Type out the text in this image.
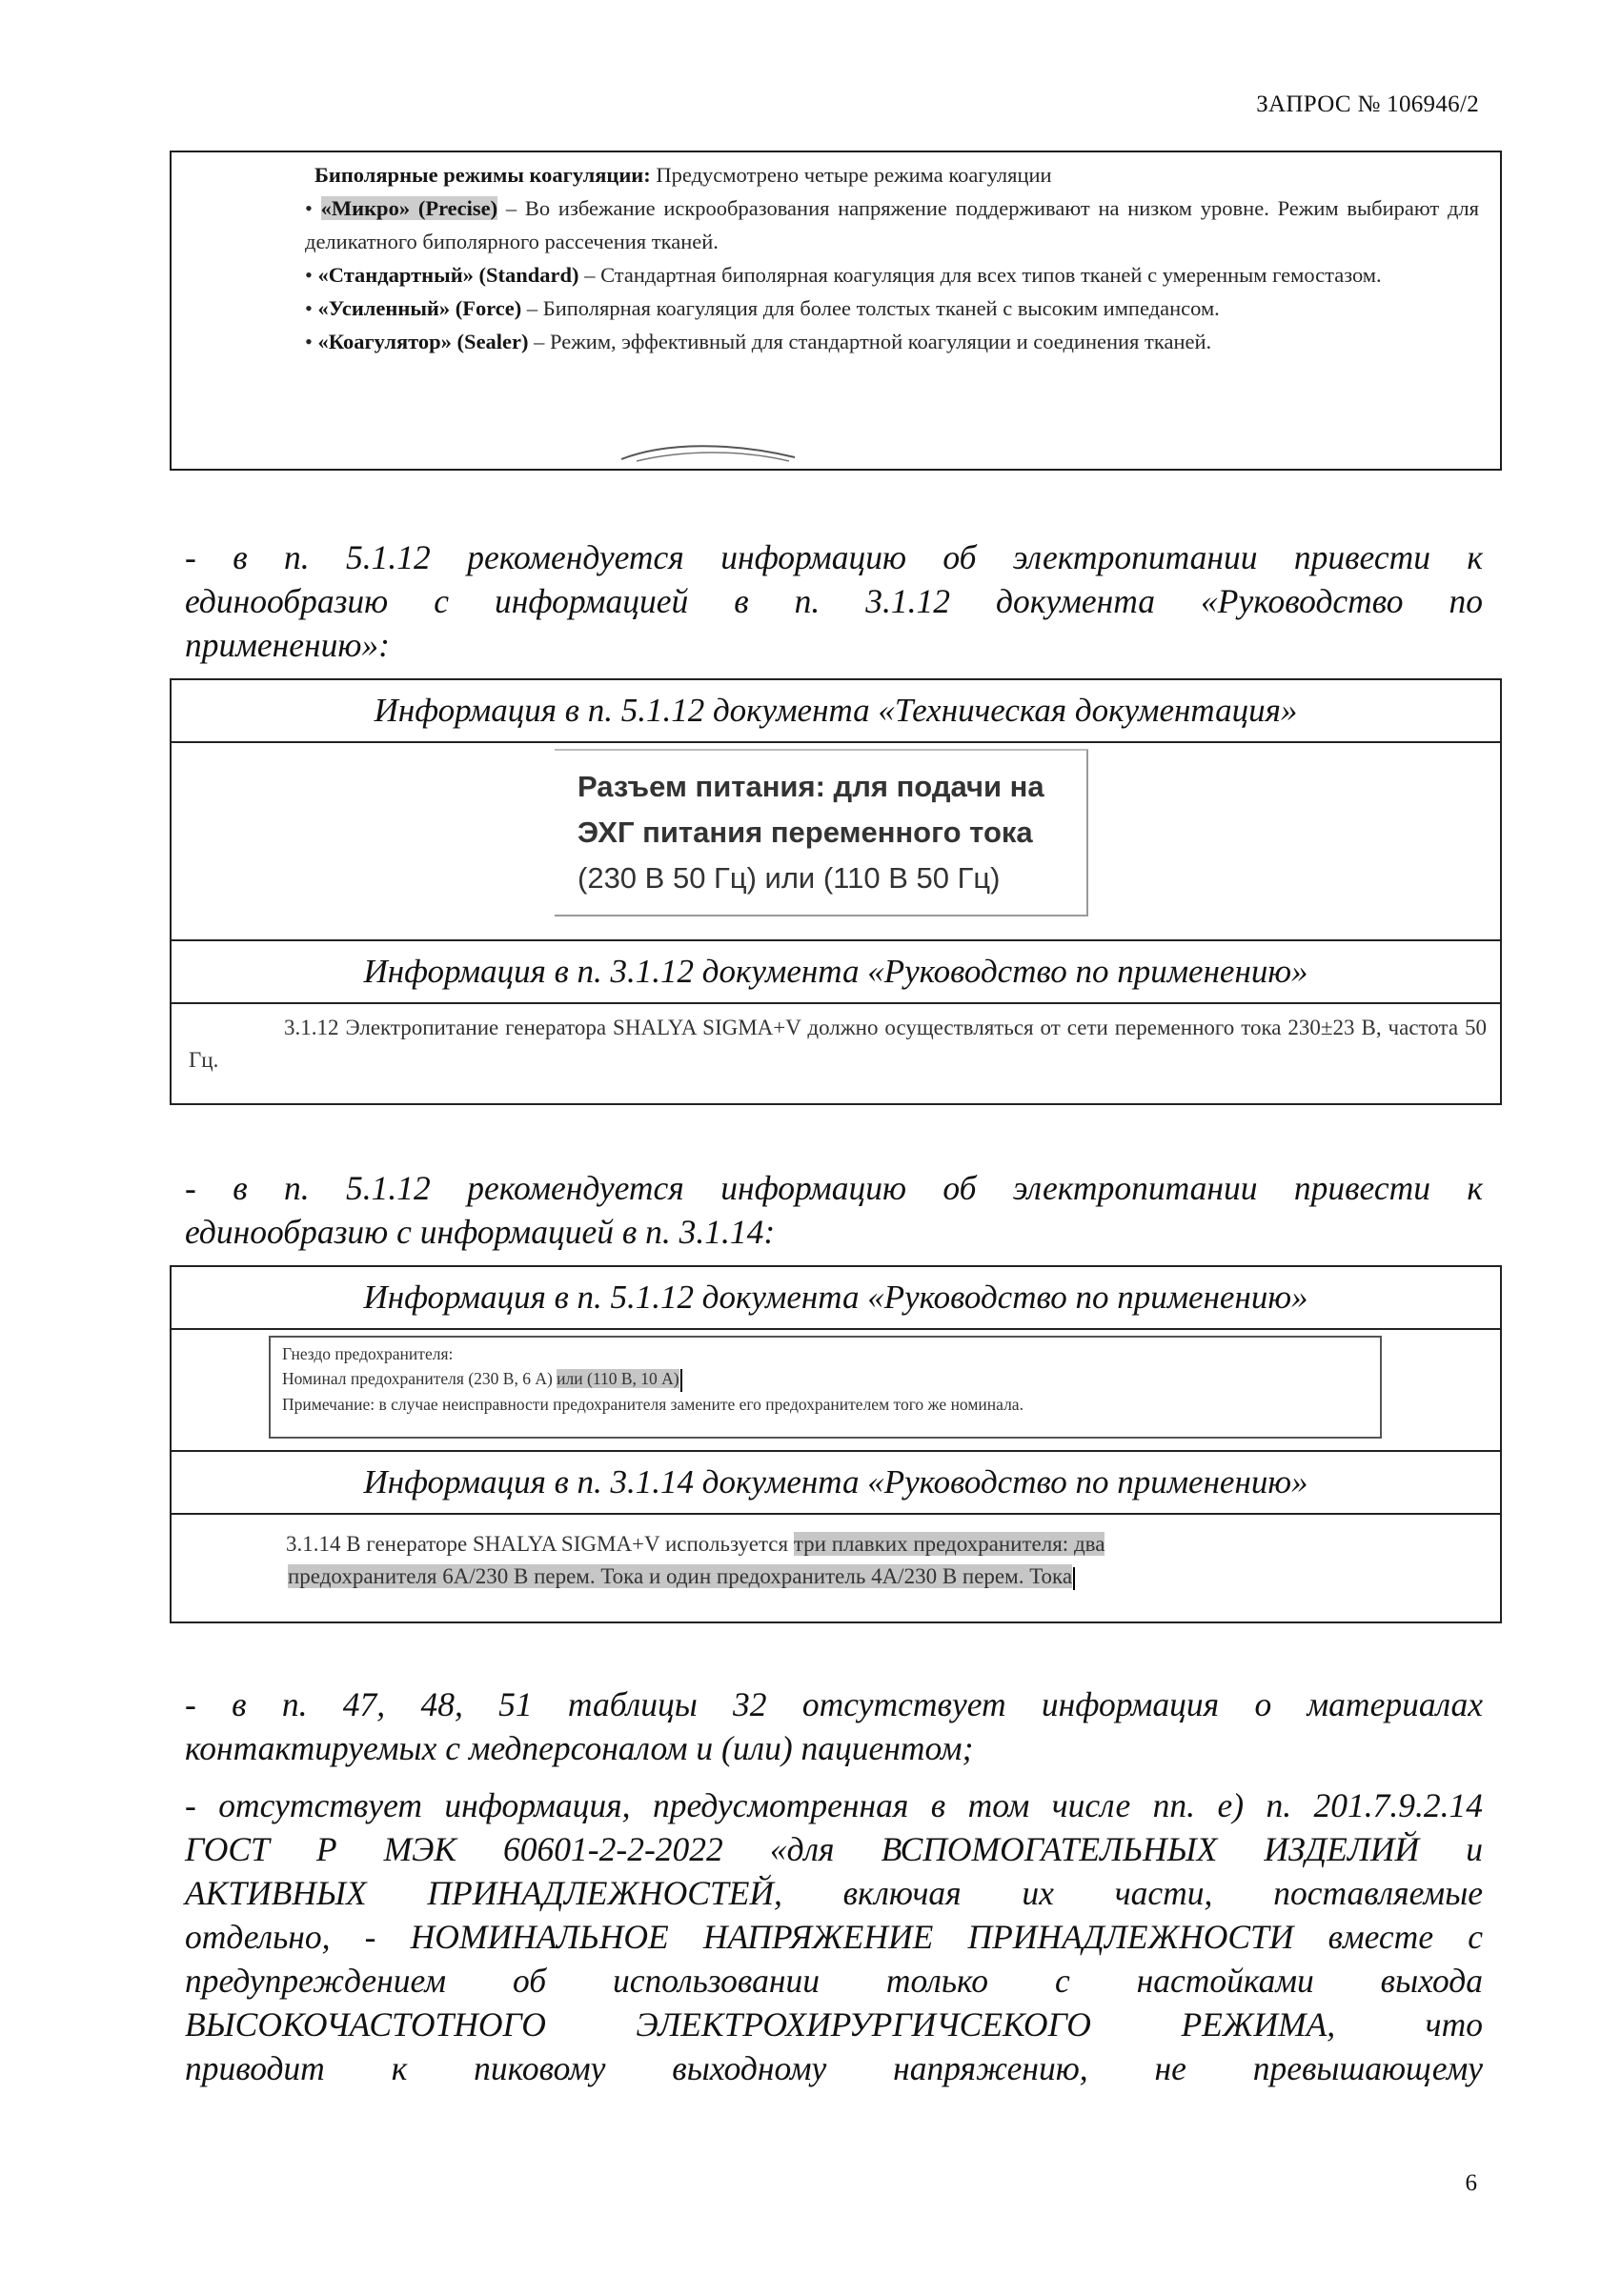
ЗАПРОС № 106946/2

Биполярные режимы коагуляции: Предусмотрено четыре режима коагуляции

• «Микро» (Precise) – Во избежание искрообразования напряжение поддерживают на низком уровне. Режим выбирают для деликатного биполярного рассечения тканей.

• «Стандартный» (Standard) – Стандартная биполярная коагуляция для всех типов тканей с умеренным гемостазом.

• «Усиленный» (Force) – Биполярная коагуляция для более толстых тканей с высоким импедансом.

• «Коагулятор» (Sealer) – Режим, эффективный для стандартной коагуляции и соединения тканей.

- в п. 5.1.12 рекомендуется информацию об электропитании привести к
единообразию с информацией в п. 3.1.12 документа «Руководство по
применению»:
Информация в п. 5.1.12 документа «Техническая документация»
Разъем питания: для подачи на
ЭХГ питания переменного тока
(230 В 50 Гц) или (110 В 50 Гц)
Информация в п. 3.1.12 документа «Руководство по применению»
3.1.12 Электропитание генератора SHALYA SIGMA+V должно осуществляться от сети переменного тока 230±23 В, частота 50 Гц.
- в п. 5.1.12 рекомендуется информацию об электропитании привести к
единообразию с информацией в п. 3.1.14:
Информация в п. 5.1.12 документа «Руководство по применению»
Гнездо предохранителя:
Номинал предохранителя (230 В, 6 А) или (110 В, 10 А)
Примечание: в случае неисправности предохранителя замените его предохранителем того же номинала.
Информация в п. 3.1.14 документа «Руководство по применению»
3.1.14 В генераторе SHALYA SIGMA+V используется три плавких предохранителя: два
предохранителя 6А/230 В перем. Тока и один предохранитель 4А/230 В перем. Тока
- в п. 47, 48, 51 таблицы 32 отсутствует информация о материалах
контактируемых с медперсоналом и (или) пациентом;
- отсутствует информация, предусмотренная в том числе пп. е) п. 201.7.9.2.14
ГОСТ Р МЭК 60601-2-2-2022 «для ВСПОМОГАТЕЛЬНЫХ ИЗДЕЛИЙ и
АКТИВНЫХ ПРИНАДЛЕЖНОСТЕЙ, включая их части, поставляемые
отдельно, - НОМИНАЛЬНОЕ НАПРЯЖЕНИЕ ПРИНАДЛЕЖНОСТИ вместе с
предупреждением об использовании только с настойками выхода
ВЫСОКОЧАСТОТНОГО ЭЛЕКТРОХИРУРГИЧСЕКОГО РЕЖИМА, что
приводит к пиковому выходному напряжению, не превышающему
6
